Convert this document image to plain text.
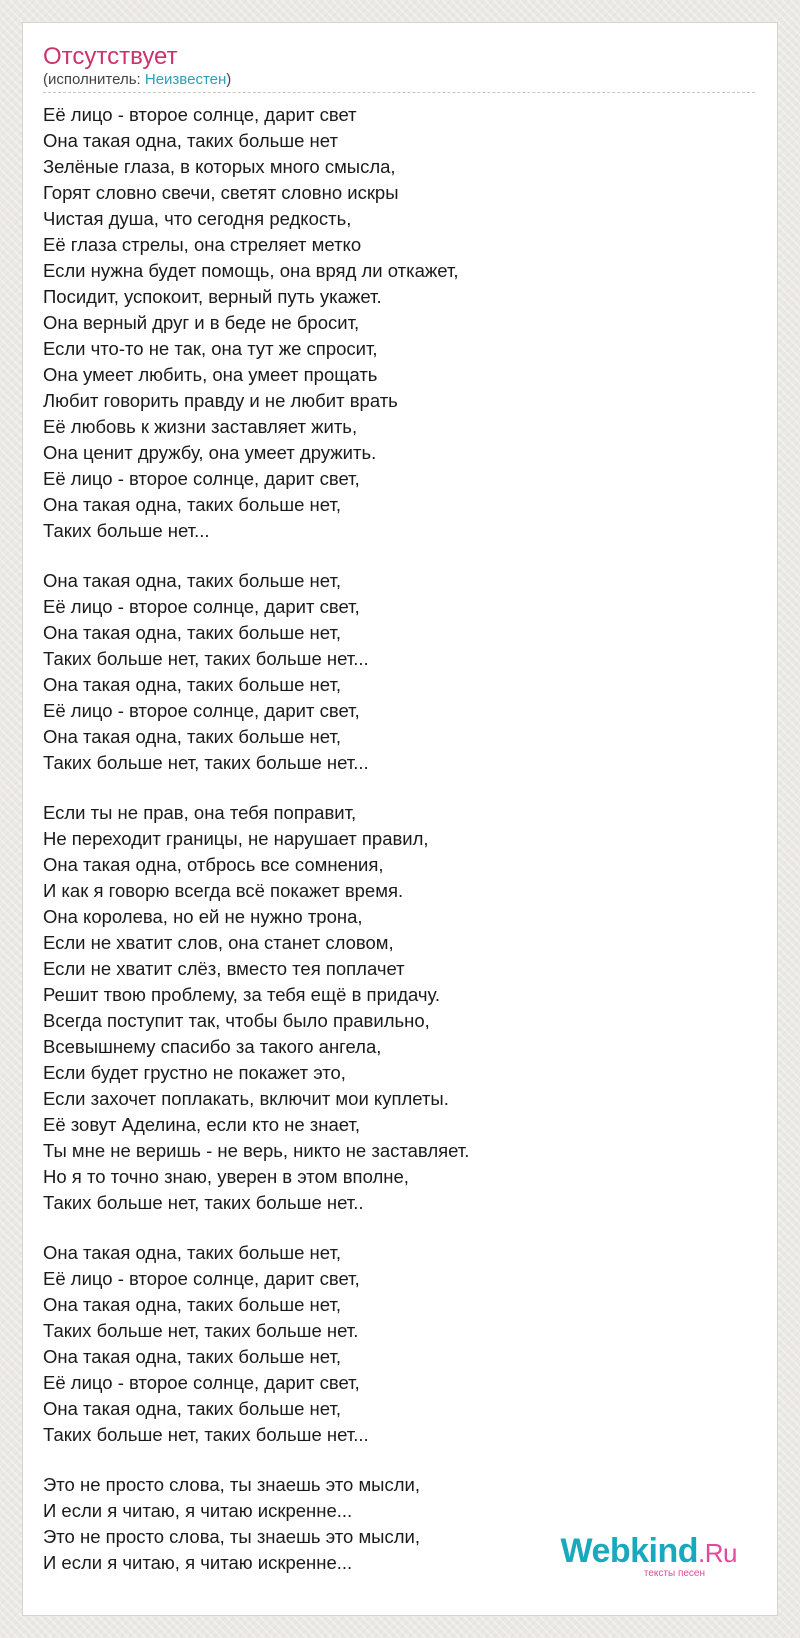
Отсутствует
(исполнитель: Неизвестен)
Её лицо - второе солнце, дарит свет
Она такая одна, таких больше нет
Зелёные глаза, в которых много смысла,
Горят словно свечи, светят словно искры
Чистая душа, что сегодня редкость,
Её глаза стрелы, она стреляет метко
Если нужна будет помощь, она вряд ли откажет,
Посидит, успокоит, верный путь укажет.
Она верный друг и в беде не бросит,
Если что-то не так, она тут же спросит,
Она умеет любить, она умеет прощать
Любит говорить правду и не любит врать
Её любовь к жизни заставляет жить,
Она ценит дружбу, она умеет дружить.
Её лицо - второе солнце, дарит свет,
Она такая одна, таких больше нет,
Таких больше нет...
Она такая одна, таких больше нет,
Её лицо - второе солнце, дарит свет,
Она такая одна, таких больше нет,
Таких больше нет, таких больше нет...
Она такая одна, таких больше нет,
Её лицо - второе солнце, дарит свет,
Она такая одна, таких больше нет,
Таких больше нет, таких больше нет...
Если ты не прав, она тебя поправит,
Не переходит границы, не нарушает правил,
Она такая одна, отбрось все сомнения,
И как я говорю всегда всё покажет время.
Она королева, но ей не нужно трона,
Если не хватит слов, она станет словом,
Если не хватит слёз, вместо тея поплачет
Решит твою проблему, за тебя ещё в придачу.
Всегда поступит так, чтобы было правильно,
Всевышнему спасибо за такого ангела,
Если будет грустно не покажет это,
Если захочет поплакать, включит мои куплеты.
Её зовут Аделина, если кто не знает,
Ты мне не веришь - не верь, никто не заставляет.
Но я то точно знаю, уверен в этом вполне,
Таких больше нет, таких больше нет..
Она такая одна, таких больше нет,
Её лицо - второе солнце, дарит свет,
Она такая одна, таких больше нет,
Таких больше нет, таких больше нет.
Она такая одна, таких больше нет,
Её лицо - второе солнце, дарит свет,
Она такая одна, таких больше нет,
Таких больше нет, таких больше нет...
Это не просто слова, ты знаешь это мысли,
И если я читаю, я читаю искренне...
Это не просто слова, ты знаешь это мысли,
И если я читаю, я читаю искренне...	Webkind.Ru
тексты песен
